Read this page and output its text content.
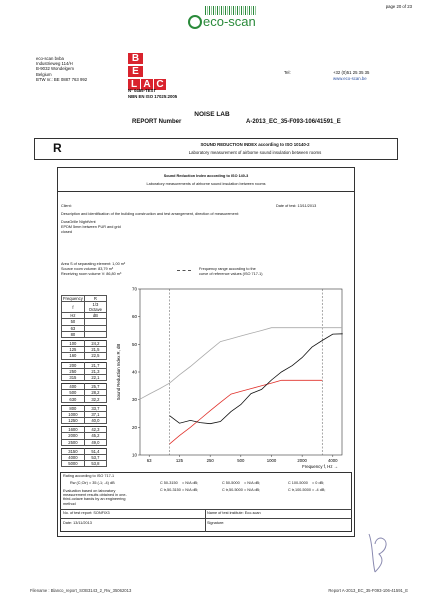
page 20 of 23
eco-scan
eco-scan bvba
Industrieweg 114/H
B-9032 Wondelgem
Belgium
BTW nr.: BE 0887 763 992
B
E
L A C
N° 0485-TEST
NBN EN ISO 17025:2005
Tel:	+32 (0)51 25 35 35
www.eco-scan.be
NOISE LAB
REPORT Number	A-2013_EC_35-F093-106/41591_E
R	SOUND REDUCTION INDEX according to ISO 10140-2
Laboratory measurement of airborne sound insulation between rooms
Sound Reduction Index according to ISO 140-3
Laboratory measurements of airborne sound insulation between rooms
Client:	Date of test: 13/11/2013
Description and identification of the building construction and test arrangement, direction of measurement:
DuraGrille NightVent
EPDM 5mm between PUR and grid
closed
Area S of separating element: 1,00 m²
Source room volume: 83,79 m³
Receiving room volume V: 86,80 m³
Frequency range according to the
curve of reference values (ISO 717-1)
Frequency	R
f	1/3 Octave
Hz	dB
50	
63	
80	

100	24,2
125	21,5
160	22,5

200	21,7
250	21,3
315	22,1

400	25,7
500	28,2
630	32,2

800	33,7
1000	37,1
1250	40,0

1600	42,3
2000	45,2
2500	49,0

3150	51,4
4000	53,7
5000	53,8
10
20
30
40
50
60
70
63	125	250	500	1000	2000	4000
Sound Reduction Index R, dB
Frequency f, Hz →
Rating according to ISO 717-1
Rw (C;Ctr) = 35 (-1; -4) dB	C 50-3150 = N/A dB;	C 50-5000 = N/A dB;	C 100-5000 = 0 dB;
C tr,50-3150 = N/A dB;	C tr,50-5000 = N/A dB;	C tr,100-5000 = -4 dB;
Evaluation based on laboratory
measurement results obtained in one-
third-octave bands by an engineering
method
No. of test report: SONFIX3	Name of test institute: Eco-scan
Date: 13/11/2013	Signature:
Filename : Blanco_report_SOB3143_2_Rw_35062013	Report A-2013_EC_35-F093-106-41591_E
